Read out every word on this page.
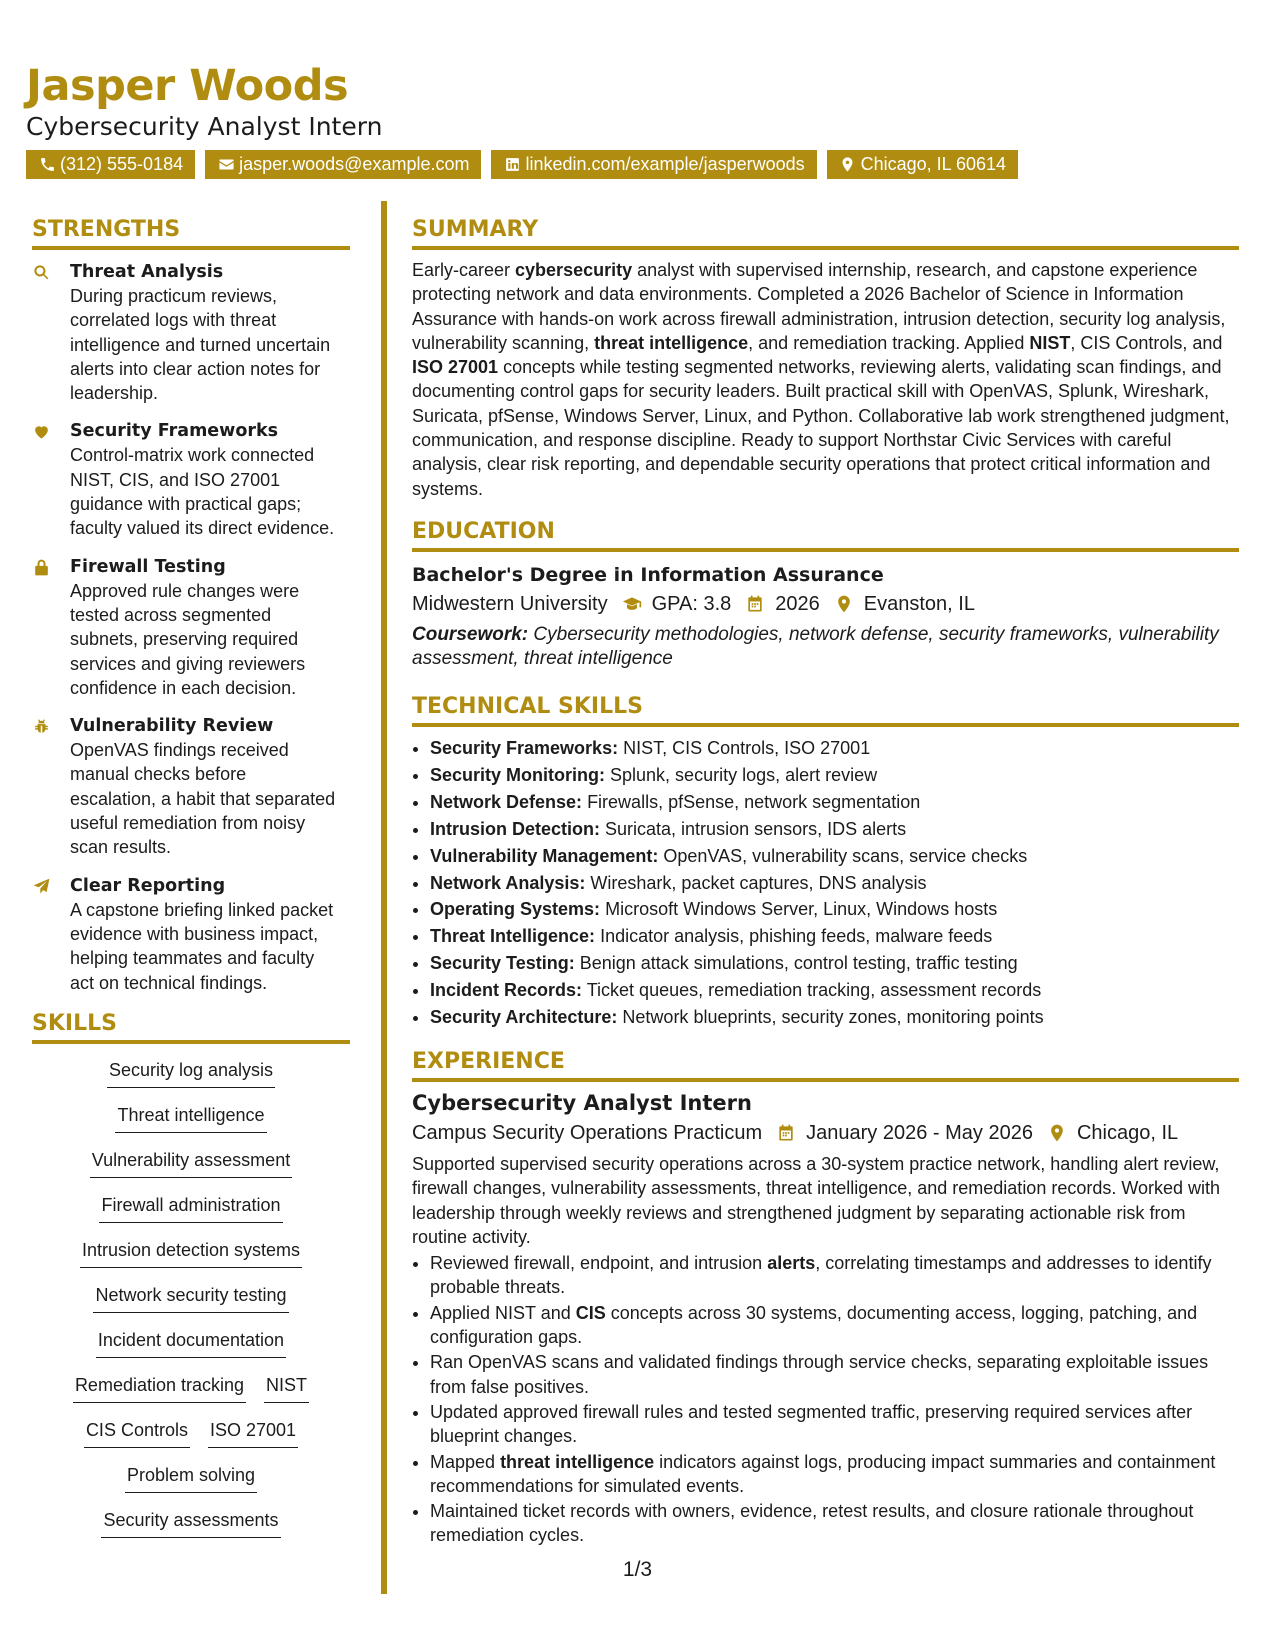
Jasper Woods
Cybersecurity Analyst Intern
(312) 555-0184	jasper.woods@example.com	linkedin.com/example/jasperwoods	Chicago, IL 60614
STRENGTHS
Threat Analysis
During practicum reviews,
correlated logs with threat
intelligence and turned uncertain
alerts into clear action notes for
leadership.
Security Frameworks
Control-matrix work connected
NIST, CIS, and ISO 27001
guidance with practical gaps;
faculty valued its direct evidence.
Firewall Testing
Approved rule changes were
tested across segmented
subnets, preserving required
services and giving reviewers
confidence in each decision.
Vulnerability Review
OpenVAS findings received
manual checks before
escalation, a habit that separated
useful remediation from noisy
scan results.
Clear Reporting
A capstone briefing linked packet
evidence with business impact,
helping teammates and faculty
act on technical findings.
SKILLS
Security log analysis
Threat intelligence
Vulnerability assessment
Firewall administration
Intrusion detection systems
Network security testing
Incident documentation
Remediation tracking NIST
CIS Controls ISO 27001
Problem solving
Security assessments
SUMMARY
Early-career cybersecurity analyst with supervised internship, research, and capstone experience protecting network and data environments. Completed a 2026 Bachelor of Science in Information Assurance with hands-on work across firewall administration, intrusion detection, security log analysis, vulnerability scanning, threat intelligence, and remediation tracking. Applied NIST, CIS Controls, and ISO 27001 concepts while testing segmented networks, reviewing alerts, validating scan findings, and documenting control gaps for security leaders. Built practical skill with OpenVAS, Splunk, Wireshark, Suricata, pfSense, Windows Server, Linux, and Python. Collaborative lab work strengthened judgment, communication, and response discipline. Ready to support Northstar Civic Services with careful analysis, clear risk reporting, and dependable security operations that protect critical information and systems.
EDUCATION
Bachelor's Degree in Information Assurance
Midwestern University GPA: 3.8 2026 Evanston, IL
Coursework: Cybersecurity methodologies, network defense, security frameworks, vulnerability assessment, threat intelligence
TECHNICAL SKILLS
• Security Frameworks: NIST, CIS Controls, ISO 27001
• Security Monitoring: Splunk, security logs, alert review
• Network Defense: Firewalls, pfSense, network segmentation
• Intrusion Detection: Suricata, intrusion sensors, IDS alerts
• Vulnerability Management: OpenVAS, vulnerability scans, service checks
• Network Analysis: Wireshark, packet captures, DNS analysis
• Operating Systems: Microsoft Windows Server, Linux, Windows hosts
• Threat Intelligence: Indicator analysis, phishing feeds, malware feeds
• Security Testing: Benign attack simulations, control testing, traffic testing
• Incident Records: Ticket queues, remediation tracking, assessment records
• Security Architecture: Network blueprints, security zones, monitoring points
EXPERIENCE
Cybersecurity Analyst Intern
Campus Security Operations Practicum January 2026 - May 2026 Chicago, IL
Supported supervised security operations across a 30-system practice network, handling alert review, firewall changes, vulnerability assessments, threat intelligence, and remediation records. Worked with leadership through weekly reviews and strengthened judgment by separating actionable risk from routine activity.
• Reviewed firewall, endpoint, and intrusion alerts, correlating timestamps and addresses to identify probable threats.
• Applied NIST and CIS concepts across 30 systems, documenting access, logging, patching, and configuration gaps.
• Ran OpenVAS scans and validated findings through service checks, separating exploitable issues from false positives.
• Updated approved firewall rules and tested segmented traffic, preserving required services after blueprint changes.
• Mapped threat intelligence indicators against logs, producing impact summaries and containment recommendations for simulated events.
• Maintained ticket records with owners, evidence, retest results, and closure rationale throughout remediation cycles.
1/3
